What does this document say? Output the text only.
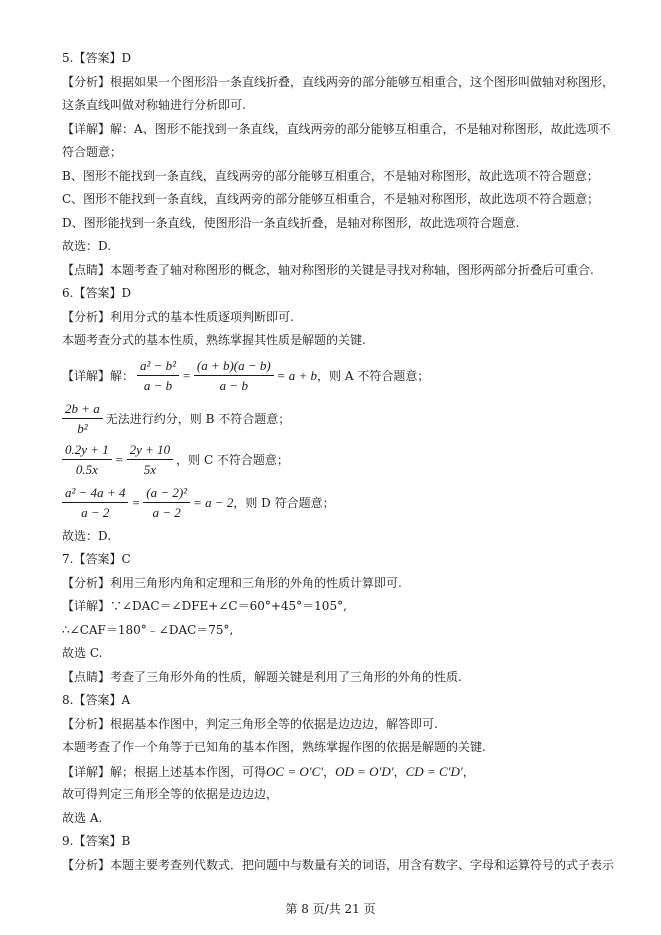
5.【答案】D
【分析】根据如果一个图形沿一条直线折叠，直线两旁的部分能够互相重合，这个图形叫做轴对称图形，
这条直线叫做对称轴进行分析即可.
【详解】解：A、图形不能找到一条直线，直线两旁的部分能够互相重合，不是轴对称图形，故此选项不
符合题意；
B、图形不能找到一条直线，直线两旁的部分能够互相重合，不是轴对称图形，故此选项不符合题意；
C、图形不能找到一条直线，直线两旁的部分能够互相重合，不是轴对称图形，故此选项不符合题意；
D、图形能找到一条直线，使图形沿一条直线折叠，是轴对称图形，故此选项符合题意.
故选：D.
【点睛】本题考查了轴对称图形的概念，轴对称图形的关键是寻找对称轴，图形两部分折叠后可重合.
6.【答案】D
【分析】利用分式的基本性质逐项判断即可.
本题考查分式的基本性质，熟练掌握其性质是解题的关键.
【详解】解： $\frac{\text{a² − b²}}{a - b} = \frac{(a + b)(a - b)}{a - b} = a + b$ ，则 A 不符合题意；
$\frac{2b + a}{\text{b²}}$ 无法进行约分，则 B 不符合题意；
$\frac{0.2y + 1}{0.5x} = \frac{2y + 10}{5x}$ ，则 C 不符合题意；
$\frac{\text{a² − 4a + 4}}{a - 2} = \frac{\text{(a − 2)²}}{a - 2} = a - 2$ ，则 D 符合题意；
故选：D.
7.【答案】C
【分析】利用三角形内角和定理和三角形的外角的性质计算即可.
【详解】∵∠DAC＝∠DFE+∠C＝60°+45°＝105°,
∴∠CAF＝180°﹣∠DAC＝75°,
故选 C.
【点睛】考查了三角形外角的性质，解题关键是利用了三角形的外角的性质.
8.【答案】A
【分析】根据基本作图中，判定三角形全等的依据是边边边，解答即可.
本题考查了作一个角等于已知角的基本作图，熟练掌握作图的依据是解题的关键.
【详解】解；根据上述基本作图，可得OC = O′C′，OD = O′D′，CD = C′D′，
故可得判定三角形全等的依据是边边边，
故选 A.
9.【答案】B
【分析】本题主要考查列代数式．把问题中与数量有关的词语，用含有数字、字母和运算符号的式子表示
第 8 页/共 21 页
